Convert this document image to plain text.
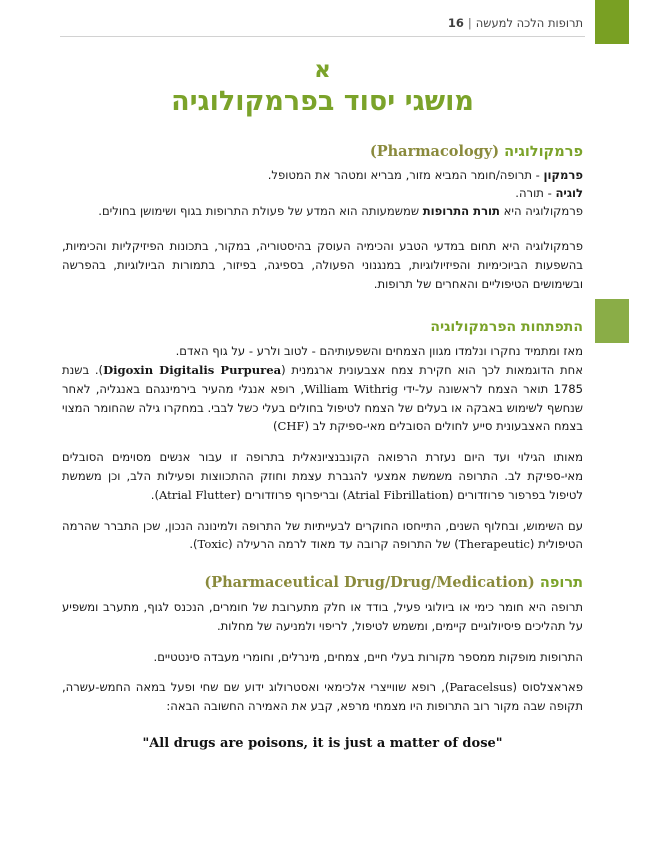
תרופות הלכה למעשה|16
א
מושגי יסוד בפרמקולוגיה
פרמקולוגיה (Pharmacology)
פרמקון - תרופה/חומר המביא מזור, מבריא ומטהר את המטופל.
לוגיה - תורה.
פרמקולוגיה היא תורת התרופות שמשמעותה הוא המדע של פעולת התרופות בגוף ושימושן בחולים.

פרמקולוגיה היא תחום במדעי הטבע והכימיה העוסק בהיסטוריה, במקור, בתכונות הפיזיקליות והכימיות, בהשפעות הביוכימיות והפיזיולוגיות, במנגנוני הפעולה, בספיגה, בפיזור, בתמורות הביולוגיות, בהפרשה ובשימושים הטיפוליים והאחרים של תרופות.

התפתחות הפרמקולוגיה

מאז ומתמיד נחקרו ונלמדו מגוון הצמחים והשפעותיהם - לטוב ולרע - על גוף האדם.

אחת הדוגמאות לכך הוא חקירת צמח אצבעונית ארגמנית (Digoxin Digitalis Purpurea). בשנת 1785 תואר הצמח לראשונה על-ידי William Withrig, רופא אנגלי מהעיר בירמינגהם באנגליה, לאחר שנחשף לשימוש באבקה או בעלים של הצמח לטיפול בחולים בעלי כשל לבבי. במחקרו גילה שהחומר המצוי בצמח האצבעונית סייע לחולים הסובלים מאי-ספיקת לב (CHF)

מאותו הגילוי ועד היום נעזרת הרפואה הקונבנציונאלית בתרופה זו עבור אנשים מסוימים הסובלים מאי-ספיקת לב. התרופה משמשת אמצעי להגברת עצמת וחוזק ההתכווצות ופעילות הלב, וכן משמשת לטיפול בפרפור פרוזדורים (Atrial Fibrillation) ובריפרוף פרוזדורים (Atrial Flutter).

עם השימוש, ובחלוף השנים, התייחסו החוקרים לבעייתיות של התרופה ולמינונה הנכון, שכן התברר שהרמה הטיפולית (Therapeutic) של התרופה קרובה עד מאוד לרמה הרעילה (Toxic).

תרופה (Pharmaceutical Drug/Drug/Medication)

תרופה היא חומר כימי או ביולוגי פעיל, בודד או חלק מתערובת של חומרים, הנכנס לגוף, מתערב ומשפיע על תהליכים פיסיולוגיים קיימים, ומשמש לטיפול, לריפוי ולמניעה של מחלות.

התרופות מופקות ממספר מקורות בעלי חיים, צמחים, מינרלים, וחומרי מעבדה סינטטיים.

פאראצלסוס (Paracelsus), רופא שווייצרי אלכימאי ואסטרולוג ידוע שם שחי ופעל במאה החמש-עשרה, תקופה שבה מקור רוב התרופות היו מצמחי מרפא, קבע את האמירה החשובה הבאה:

"All drugs are poisons, it is just a matter of dose"
